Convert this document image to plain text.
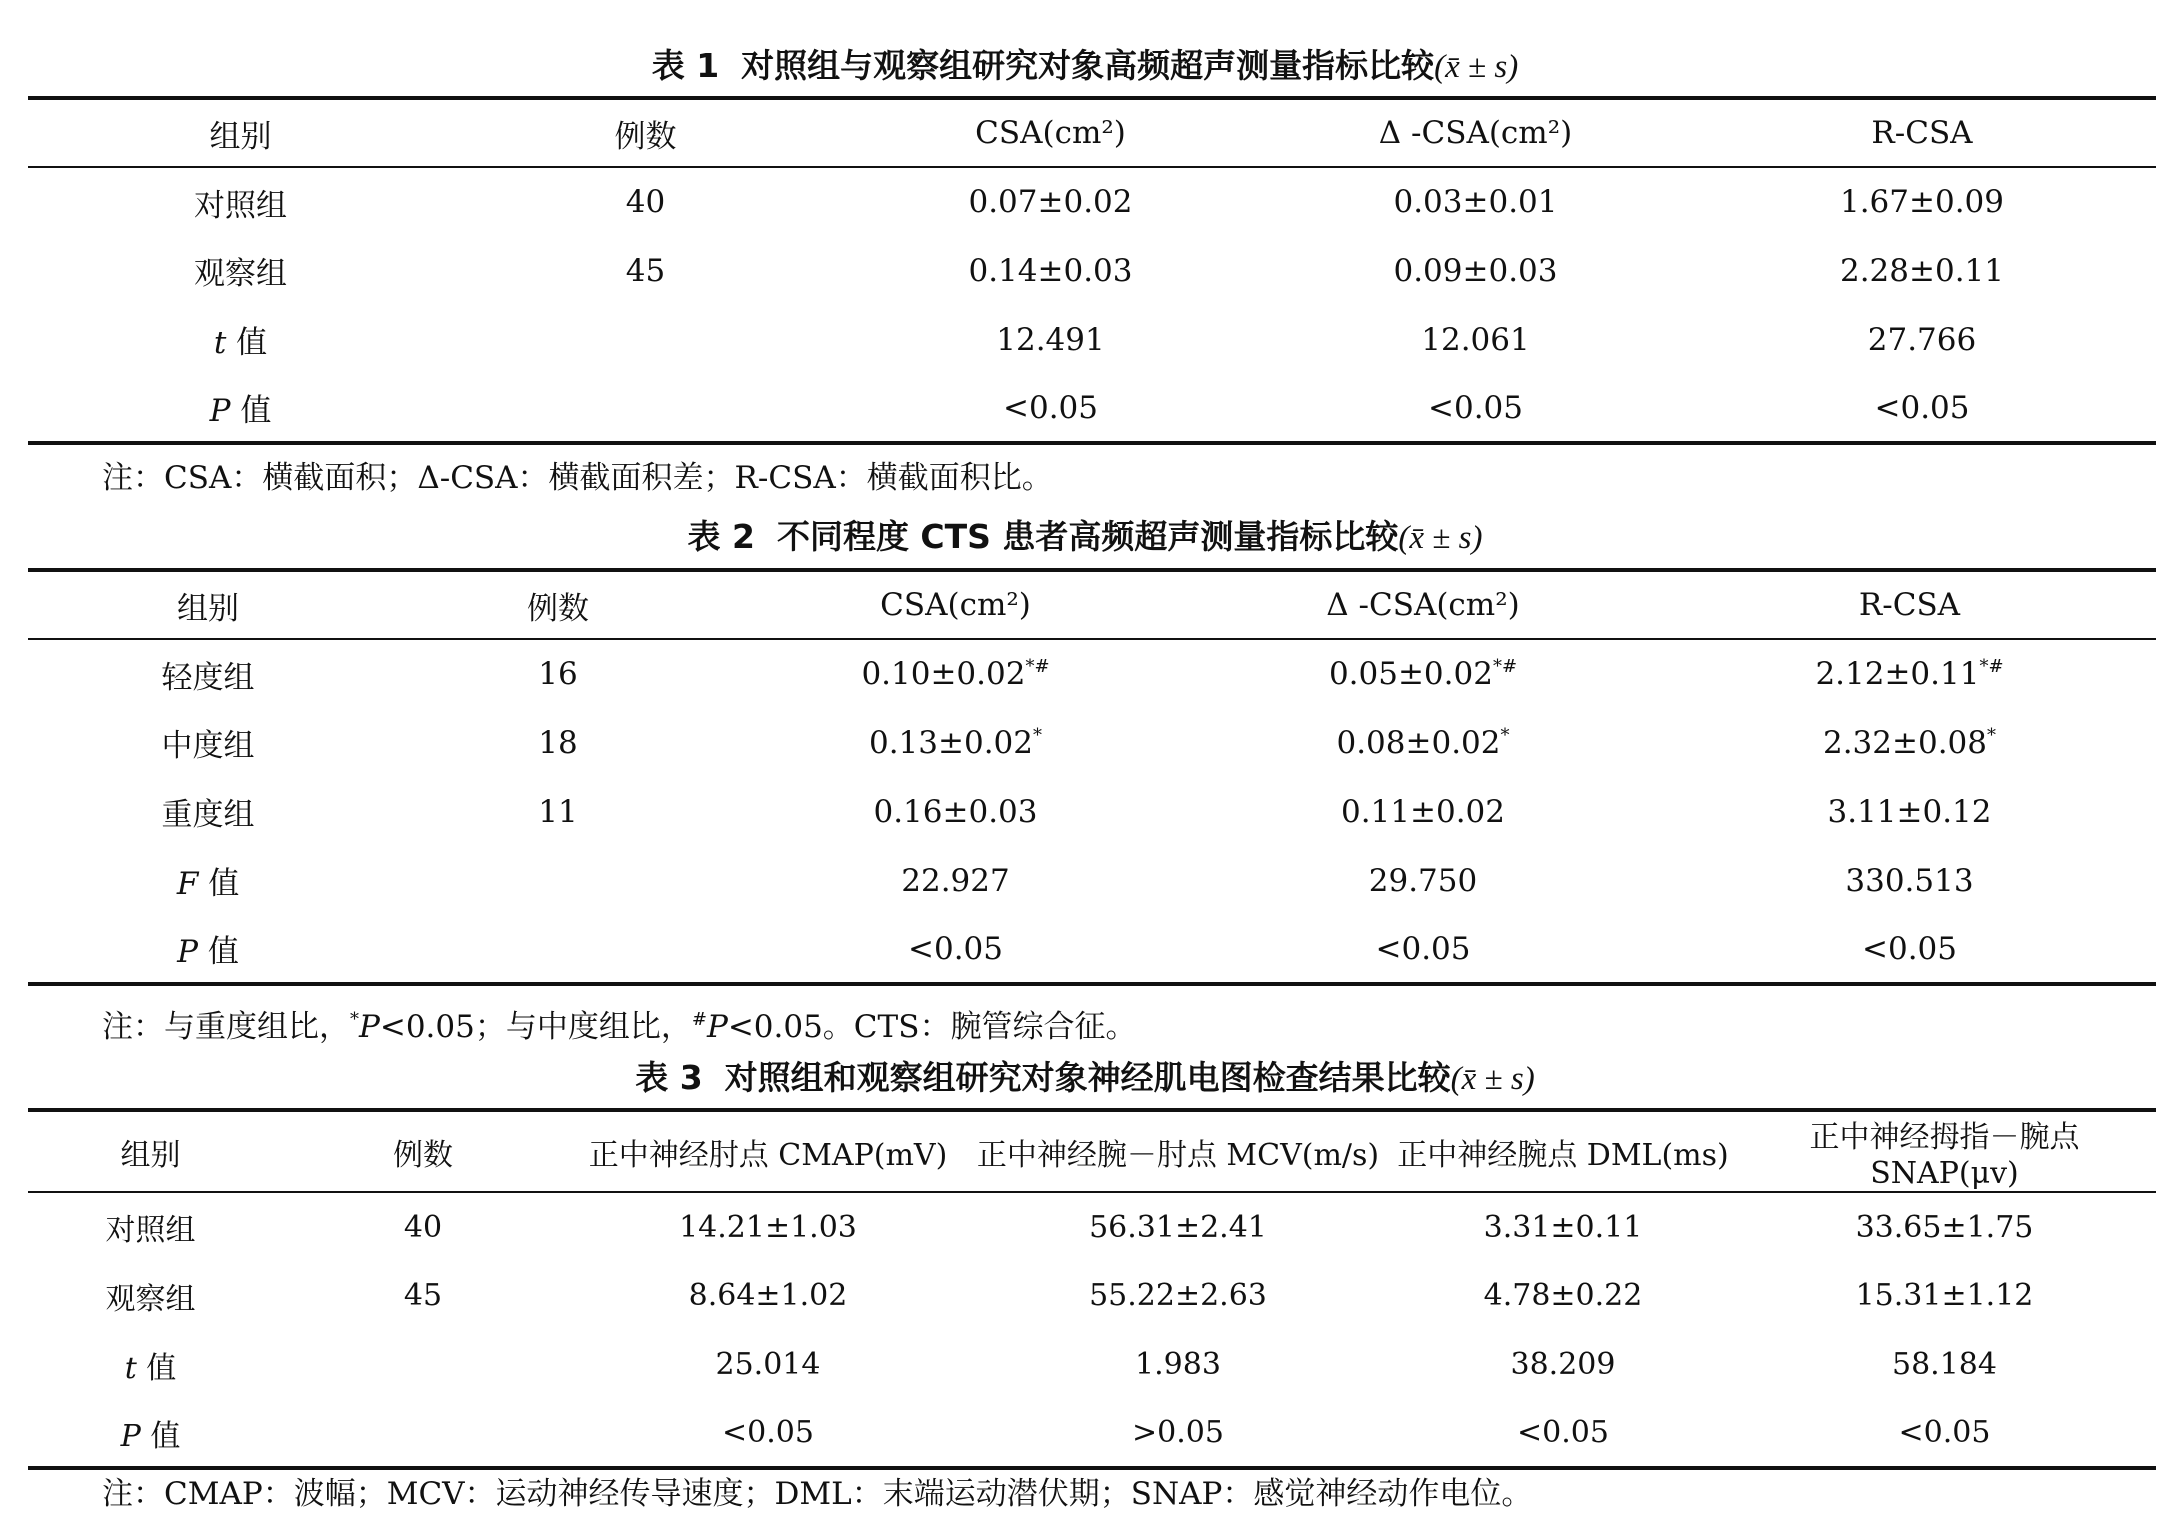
表 1 对照组与观察组研究对象高频超声测量指标比较(x̄ ± s)
组别	例数	CSA(cm²)	Δ -CSA(cm²)	R-CSA
对照组	40	0.07±0.02	0.03±0.01	1.67±0.09
观察组	45	0.14±0.03	0.09±0.03	2.28±0.11
t 值		12.491	12.061	27.766
P 值		<0.05	<0.05	<0.05
注：CSA：横截面积；Δ-CSA：横截面积差；R-CSA：横截面积比。
表 2 不同程度 CTS 患者高频超声测量指标比较(x̄ ± s)
组别	例数	CSA(cm²)	Δ -CSA(cm²)	R-CSA
轻度组	16	0.10±0.02*#	0.05±0.02*#	2.12±0.11*#
中度组	18	0.13±0.02*	0.08±0.02*	2.32±0.08*
重度组	11	0.16±0.03	0.11±0.02	3.11±0.12
F 值		22.927	29.750	330.513
P 值		<0.05	<0.05	<0.05
注：与重度组比，*P<0.05；与中度组比，#P<0.05。CTS：腕管综合征。
表 3 对照组和观察组研究对象神经肌电图检查结果比较(x̄ ± s)
组别	例数	正中神经肘点 CMAP(mV)	正中神经腕－肘点 MCV(m/s)	正中神经腕点 DML(ms)	正中神经拇指－腕点 SNAP(μv)
对照组	40	14.21±1.03	56.31±2.41	3.31±0.11	33.65±1.75
观察组	45	8.64±1.02	55.22±2.63	4.78±0.22	15.31±1.12
t 值		25.014	1.983	38.209	58.184
P 值		<0.05	>0.05	<0.05	<0.05
注：CMAP：波幅；MCV：运动神经传导速度；DML：末端运动潜伏期；SNAP：感觉神经动作电位。
